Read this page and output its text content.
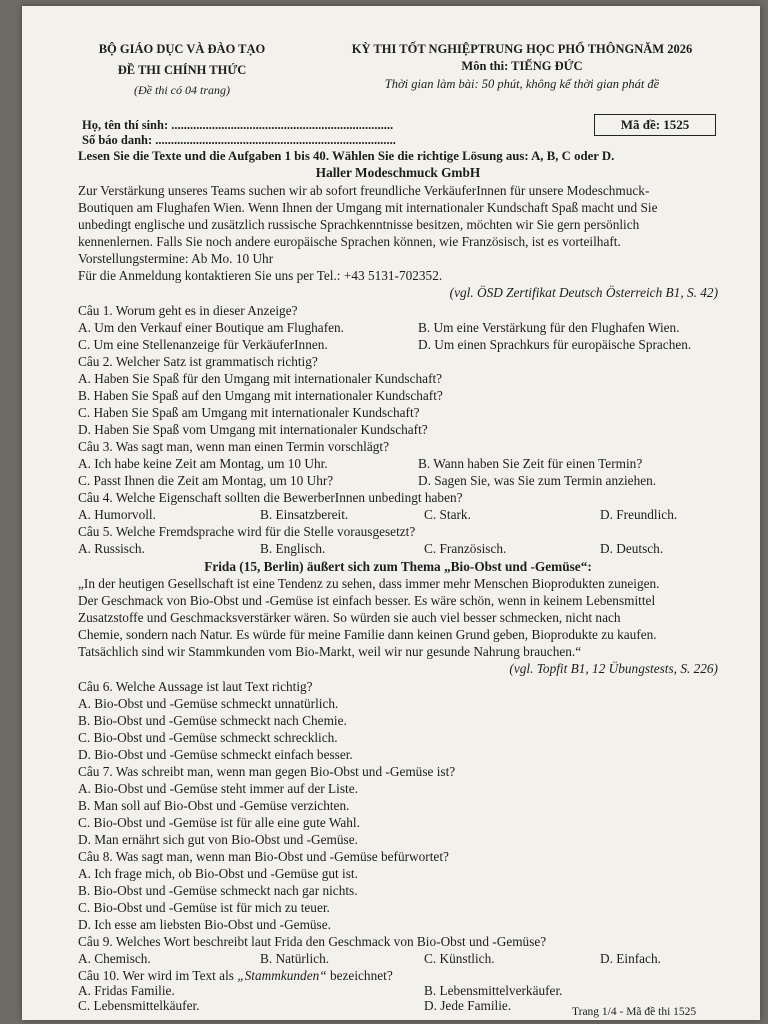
BỘ GIÁO DỤC VÀ ĐÀO TẠO
ĐỀ THI CHÍNH THỨC
(Đề thi có 04 trang)
KỲ THI TỐT NGHIỆPTRUNG HỌC PHỔ THÔNGNĂM 2026
Môn thi: TIẾNG ĐỨC
Thời gian làm bài: 50 phút, không kể thời gian phát đề
Họ, tên thí sinh: .......................................................................
Số báo danh: .............................................................................
Mã đề: 1525
Lesen Sie die Texte und die Aufgaben 1 bis 40. Wählen Sie die richtige Lösung aus: A, B, C oder D.
Haller Modeschmuck GmbH
Zur Verstärkung unseres Teams suchen wir ab sofort freundliche VerkäuferInnen für unsere Modeschmuck-
Boutiquen am Flughafen Wien. Wenn Ihnen der Umgang mit internationaler Kundschaft Spaß macht und Sie
unbedingt englische und zusätzlich russische Sprachkenntnisse besitzen, möchten wir Sie gern persönlich
kennenlernen. Falls Sie noch andere europäische Sprachen können, wie Französisch, ist es vorteilhaft.
Vorstellungstermine: Ab Mo. 10 Uhr
Für die Anmeldung kontaktieren Sie uns per Tel.: +43 5131-702352.
(vgl. ÖSD Zertifikat Deutsch Österreich B1, S. 42)
Câu 1. Worum geht es in dieser Anzeige?
A. Um den Verkauf einer Boutique am Flughafen.	B. Um eine Verstärkung für den Flughafen Wien.
C. Um eine Stellenanzeige für VerkäuferInnen.	D. Um einen Sprachkurs für europäische Sprachen.
Câu 2. Welcher Satz ist grammatisch richtig?
A. Haben Sie Spaß für den Umgang mit internationaler Kundschaft?
B. Haben Sie Spaß auf den Umgang mit internationaler Kundschaft?
C. Haben Sie Spaß am Umgang mit internationaler Kundschaft?
D. Haben Sie Spaß vom Umgang mit internationaler Kundschaft?
Câu 3. Was sagt man, wenn man einen Termin vorschlägt?
A. Ich habe keine Zeit am Montag, um 10 Uhr.	B. Wann haben Sie Zeit für einen Termin?
C. Passt Ihnen die Zeit am Montag, um 10 Uhr?	D. Sagen Sie, was Sie zum Termin anziehen.
Câu 4. Welche Eigenschaft sollten die BewerberInnen unbedingt haben?
A. Humorvoll.	B. Einsatzbereit.	C. Stark.	D. Freundlich.
Câu 5. Welche Fremdsprache wird für die Stelle vorausgesetzt?
A. Russisch.	B. Englisch.	C. Französisch.	D. Deutsch.
Frida (15, Berlin) äußert sich zum Thema „Bio-Obst und -Gemüse“:
„In der heutigen Gesellschaft ist eine Tendenz zu sehen, dass immer mehr Menschen Bioprodukten zuneigen.
Der Geschmack von Bio-Obst und -Gemüse ist einfach besser. Es wäre schön, wenn in keinem Lebensmittel
Zusatzstoffe und Geschmacksverstärker wären. So würden sie auch viel besser schmecken, nicht nach
Chemie, sondern nach Natur. Es würde für meine Familie dann keinen Grund geben, Bioprodukte zu kaufen.
Tatsächlich sind wir Stammkunden vom Bio-Markt, weil wir nur gesunde Nahrung brauchen.“
(vgl. Topfit B1, 12 Übungstests, S. 226)
Câu 6. Welche Aussage ist laut Text richtig?
A. Bio-Obst und -Gemüse schmeckt unnatürlich.
B. Bio-Obst und -Gemüse schmeckt nach Chemie.
C. Bio-Obst und -Gemüse schmeckt schrecklich.
D. Bio-Obst und -Gemüse schmeckt einfach besser.
Câu 7. Was schreibt man, wenn man gegen Bio-Obst und -Gemüse ist?
A. Bio-Obst und -Gemüse steht immer auf der Liste.
B. Man soll auf Bio-Obst und -Gemüse verzichten.
C. Bio-Obst und -Gemüse ist für alle eine gute Wahl.
D. Man ernährt sich gut von Bio-Obst und -Gemüse.
Câu 8. Was sagt man, wenn man Bio-Obst und -Gemüse befürwortet?
A. Ich frage mich, ob Bio-Obst und -Gemüse gut ist.
B. Bio-Obst und -Gemüse schmeckt nach gar nichts.
C. Bio-Obst und -Gemüse ist für mich zu teuer.
D. Ich esse am liebsten Bio-Obst und -Gemüse.
Câu 9. Welches Wort beschreibt laut Frida den Geschmack von Bio-Obst und -Gemüse?
A. Chemisch.	B. Natürlich.	C. Künstlich.	D. Einfach.
Câu 10. Wer wird im Text als „Stammkunden“ bezeichnet?
A. Fridas Familie.	B. Lebensmittelverkäufer.
C. Lebensmittelkäufer.	D. Jede Familie.	Trang 1/4 - Mã đề thi 1525
